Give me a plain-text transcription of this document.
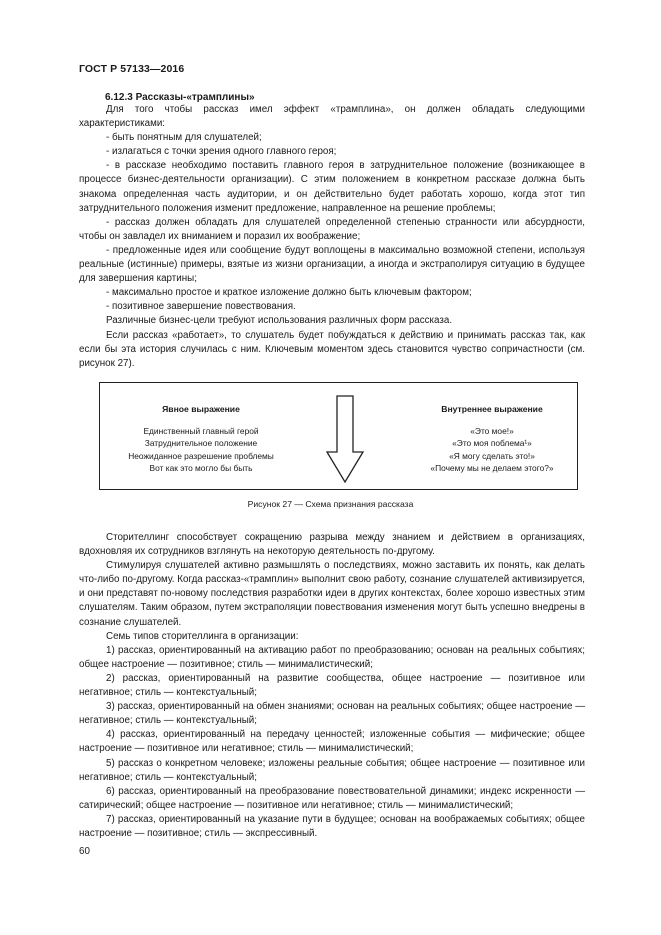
ГОСТ Р 57133—2016
6.12.3 Рассказы-«трамплины»

Для того чтобы рассказ имел эффект «трамплина», он должен обладать следующими характеристиками:

- быть понятным для слушателей;

- излагаться с точки зрения одного главного героя;

- в рассказе необходимо поставить главного героя в затруднительное положение (возникающее в процессе бизнес-деятельности организации). С этим положением в конкретном рассказе должна быть знакома определенная часть аудитории, и он действительно будет работать хорошо, когда этот тип затруднительного положения изменит предложение, направленное на решение проблемы;

- рассказ должен обладать для слушателей определенной степенью странности или абсурдности, чтобы он завладел их вниманием и поразил их воображение;

- предложенные идея или сообщение будут воплощены в максимально возможной степени, используя реальные (истинные) примеры, взятые из жизни организации, а иногда и экстраполируя ситуацию в будущее для завершения картины;

- максимально простое и краткое изложение должно быть ключевым фактором;

- позитивное завершение повествования.

Различные бизнес-цели требуют использования различных форм рассказа.

Если рассказ «работает», то слушатель будет побуждаться к действию и принимать рассказ так, как если бы эта история случилась с ним. Ключевым моментом здесь становится чувство сопричастности (см. рисунок 27).

Явное выражение
Единственный главный герой
Затруднительное положение
Неожиданное разрешение проблемы
Вот как это могло бы быть
Внутреннее выражение
«Это мое!»
«Это моя поблема¹»
«Я могу сделать это!»
«Почему мы не делаем этого?»
Рисунок 27 — Схема признания рассказа

Сторителлинг способствует сокращению разрыва между знанием и действием в организациях, вдохновляя их сотрудников взглянуть на некоторую деятельность по-другому.

Стимулируя слушателей активно размышлять о последствиях, можно заставить их понять, как делать что-либо по-другому. Когда рассказ-«трамплин» выполнит свою работу, сознание слушателей активизируется, и они представят по-новому последствия разработки идеи в других контекстах, более хорошо известных этим слушателям. Таким образом, путем экстраполяции повествования изменения могут быть успешно внедрены в сознание слушателей.

Семь типов сторителлинга в организации:

1) рассказ, ориентированный на активацию работ по преобразованию; основан на реальных событиях; общее настроение — позитивное; стиль — минималистический;

2) рассказ, ориентированный на развитие сообщества, общее настроение — позитивное или негативное; стиль — контекстуальный;

3) рассказ, ориентированный на обмен знаниями; основан на реальных событиях; общее настроение — негативное; стиль — контекстуальный;

4) рассказ, ориентированный на передачу ценностей; изложенные события — мифические; общее настроение — позитивное или негативное; стиль — минималистический;

5) рассказ о конкретном человеке; изложены реальные события; общее настроение — позитивное или негативное; стиль — контекстуальный;

6) рассказ, ориентированный на преобразование повествовательной динамики; индекс искренности — сатирический; общее настроение — позитивное или негативное; стиль — минималистический;

7) рассказ, ориентированный на указание пути в будущее; основан на воображаемых событиях; общее настроение — позитивное; стиль — экспрессивный.

60
